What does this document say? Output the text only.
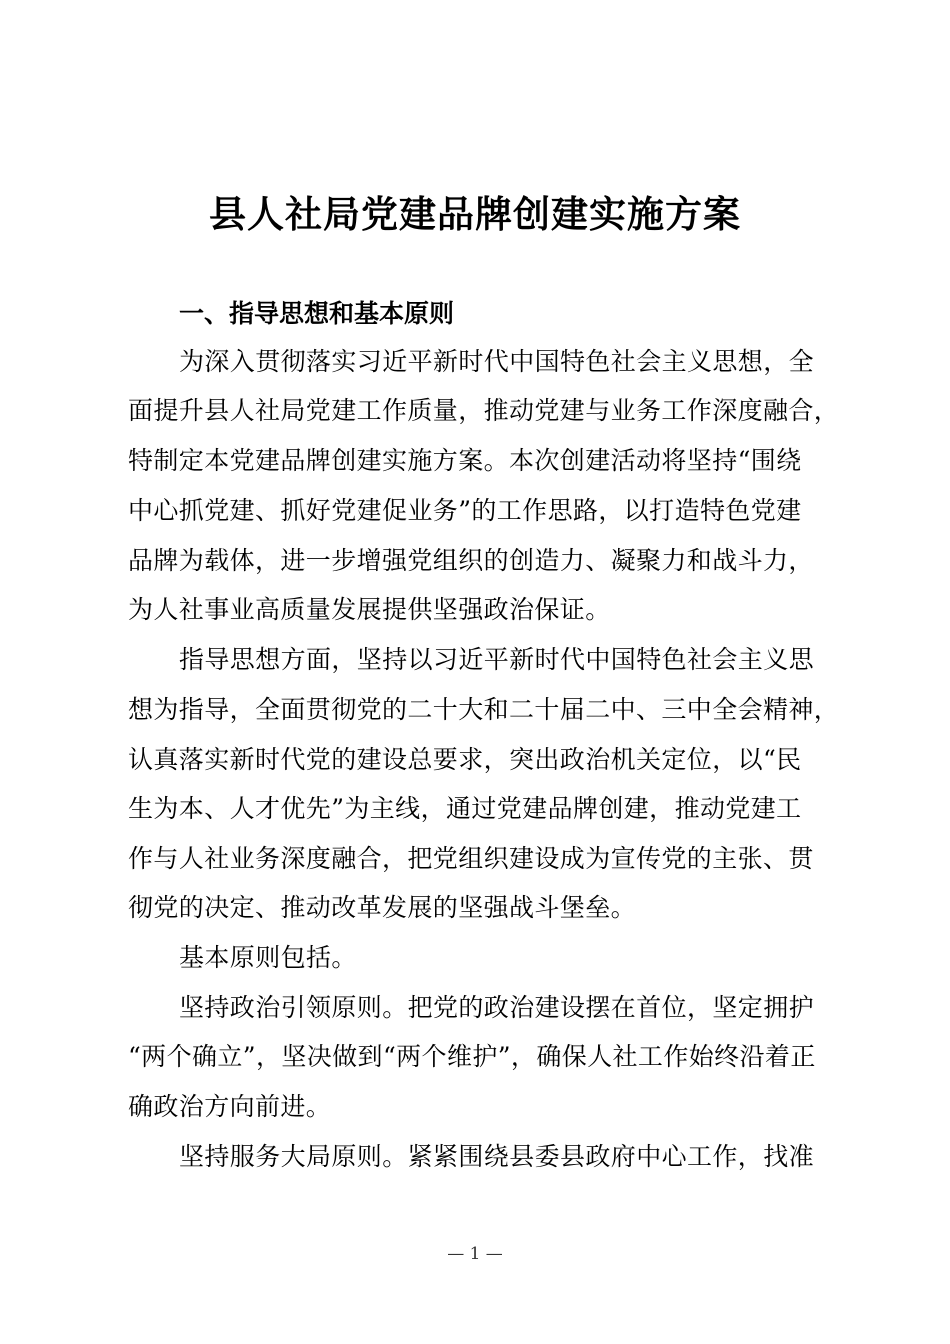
县人社局党建品牌创建实施方案
一、指导思想和基本原则
为深入贯彻落实习近平新时代中国特色社会主义思想，全
面提升县人社局党建工作质量，推动党建与业务工作深度融合，
特制定本党建品牌创建实施方案。本次创建活动将坚持“围绕
中心抓党建、抓好党建促业务”的工作思路，以打造特色党建
品牌为载体，进一步增强党组织的创造力、凝聚力和战斗力，
为人社事业高质量发展提供坚强政治保证。
指导思想方面，坚持以习近平新时代中国特色社会主义思
想为指导，全面贯彻党的二十大和二十届二中、三中全会精神，
认真落实新时代党的建设总要求，突出政治机关定位，以“民
生为本、人才优先”为主线，通过党建品牌创建，推动党建工
作与人社业务深度融合，把党组织建设成为宣传党的主张、贯
彻党的决定、推动改革发展的坚强战斗堡垒。
基本原则包括。
坚持政治引领原则。把党的政治建设摆在首位，坚定拥护
“两个确立”，坚决做到“两个维护”，确保人社工作始终沿着正
确政治方向前进。
坚持服务大局原则。紧紧围绕县委县政府中心工作，找准
— 1 —
